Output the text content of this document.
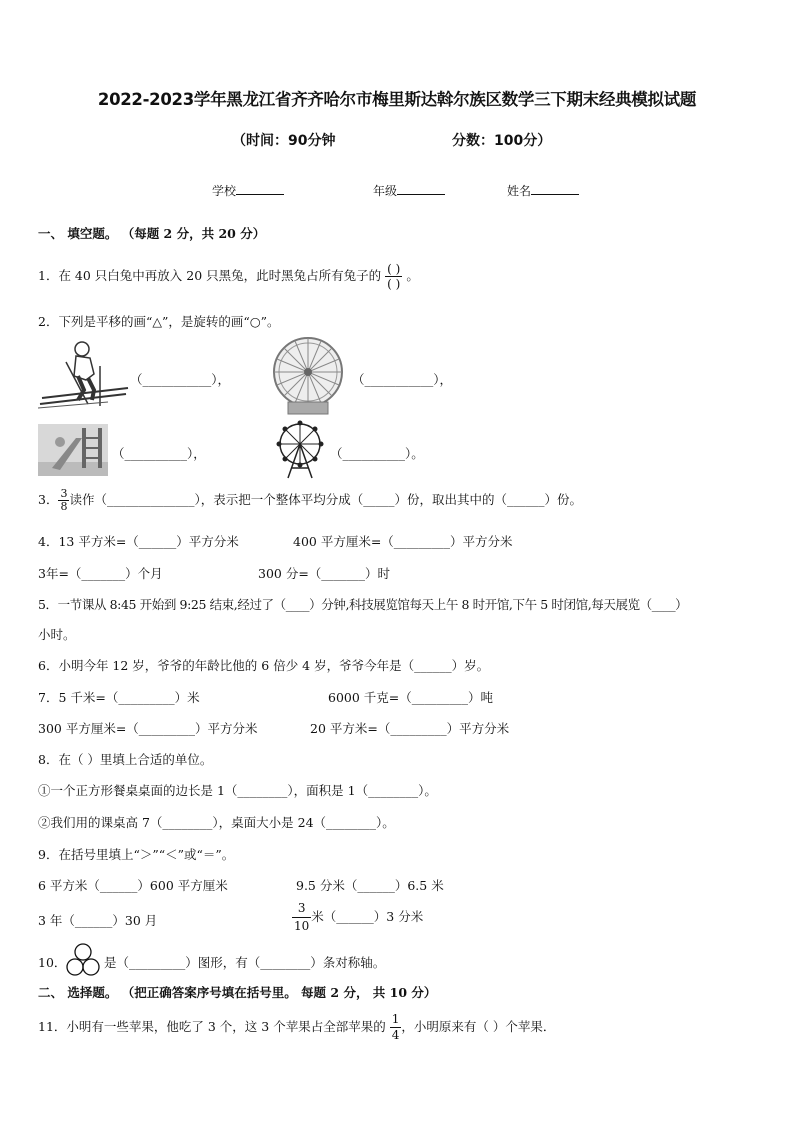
2022-2023学年黑龙江省齐齐哈尔市梅里斯达斡尔族区数学三下期末经典模拟试题
（时间：90分钟	分数：100分）
学校	年级	姓名
一、 填空题。 （每题 2 分，共 20 分）
1．在 40 只白兔中再放入 20 只黑兔，此时黑兔占所有兔子的 $\frac{( )}{( )}$ 。
2．下列是平移的画“△”，是旋转的画“○”。
（___________），	（___________），
（__________），	（__________）。
3． $\frac{3}{8}$ 读作（______________），表示把一个整体平均分成（_____）份，取出其中的（______）份。
4．13 平方米=（______）平方分米	400 平方厘米=（_________）平方分米
3年=（_______）个月	300 分=（_______）时
5．一节课从 8:45 开始到 9:25 结束,经过了（____）分钟,科技展览馆每天上午 8 时开馆,下午 5 时闭馆,每天展览（____）
小时。
6．小明今年 12 岁，爷爷的年龄比他的 6 倍少 4 岁，爷爷今年是（______）岁。
7．5 千米=（_________）米	6000 千克=（_________）吨
300 平方厘米=（_________）平方分米	20 平方米=（_________）平方分米
8．在（ ）里填上合适的单位。
①一个正方形餐桌桌面的边长是 1（________），面积是 1（________）。
②我们用的课桌高 7（________），桌面大小是 24（________）。
9．在括号里填上“＞”“＜”或“＝”。
6 平方米（______）600 平方厘米	9.5 分米（______）6.5 米
3 年（______）30 月	$\frac{3}{10}$ 米（______）3 分米
10．	是（_________）图形，有（________）条对称轴。
二、 选择题。 （把正确答案序号填在括号里。 每题 2 分， 共 10 分）
11．小明有一些苹果，他吃了 3 个，这 3 个苹果占全部苹果的 $\frac{1}{4}$ ，小明原来有（ ）个苹果．
